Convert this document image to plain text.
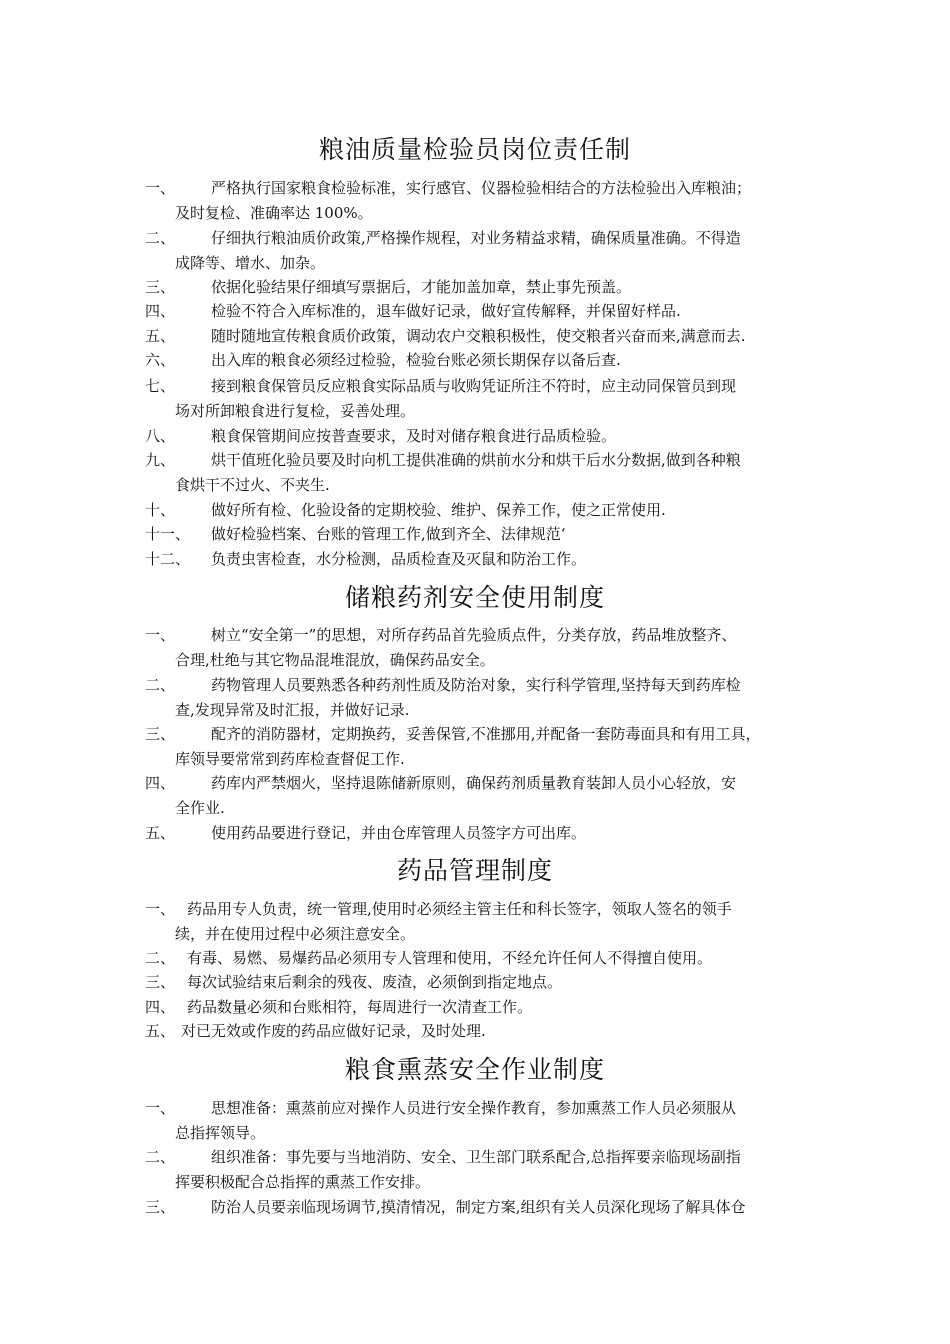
粮油质量检验员岗位责任制
一、 严格执行国家粮食检验标准，实行感官、仪器检验相结合的方法检验出入库粮油；
及时复检、准确率达 100%。
二、 仔细执行粮油质价政策,严格操作规程，对业务精益求精，确保质量准确。不得造
成降等、增水、加杂。
三、 依据化验结果仔细填写票据后，才能加盖加章，禁止事先预盖。
四、 检验不符合入库标准的，退车做好记录，做好宣传解释，并保留好样品.
五、 随时随地宣传粮食质价政策，调动农户交粮积极性，使交粮者兴奋而来,满意而去.
六、 出入库的粮食必须经过检验，检验台账必须长期保存以备后查.
七、 接到粮食保管员反应粮食实际品质与收购凭证所注不符时，应主动同保管员到现
场对所卸粮食进行复检，妥善处理。
八、 粮食保管期间应按普查要求，及时对储存粮食进行品质检验。
九、 烘干值班化验员要及时向机工提供准确的烘前水分和烘干后水分数据,做到各种粮
食烘干不过火、不夹生.
十、 做好所有检、化验设备的定期校验、维护、保养工作，使之正常使用.
十一、 做好检验档案、台账的管理工作,做到齐全、法律规范‘
十二、 负责虫害检查，水分检测，品质检查及灭鼠和防治工作。
储粮药剂安全使用制度
一、 树立“安全第一”的思想，对所存药品首先验质点件，分类存放，药品堆放整齐、
合理,杜绝与其它物品混堆混放，确保药品安全。
二、 药物管理人员要熟悉各种药剂性质及防治对象，实行科学管理,坚持每天到药库检
查,发现异常及时汇报，并做好记录.
三、 配齐的消防器材，定期换药，妥善保管,不准挪用,并配备一套防毒面具和有用工具，
库领导要常常到药库检查督促工作.
四、 药库内严禁烟火，坚持退陈储新原则，确保药剂质量教育装卸人员小心轻放，安
全作业.
五、 使用药品要进行登记，并由仓库管理人员签字方可出库。
药品管理制度
一、 药品用专人负责，统一管理,使用时必须经主管主任和科长签字，领取人签名的领手
续，并在使用过程中必须注意安全。
二、 有毒、易燃、易爆药品必须用专人管理和使用，不经允许任何人不得擅自使用。
三、 每次试验结束后剩余的残夜、废渣，必须倒到指定地点。
四、 药品数量必须和台账相符，每周进行一次清查工作。
五、 对已无效或作废的药品应做好记录，及时处理.
粮食熏蒸安全作业制度
一、 思想准备：熏蒸前应对操作人员进行安全操作教育，参加熏蒸工作人员必须服从
总指挥领导。
二、 组织准备：事先要与当地消防、安全、卫生部门联系配合,总指挥要亲临现场副指
挥要积极配合总指挥的熏蒸工作安排。
三、 防治人员要亲临现场调节,摸清情况，制定方案,组织有关人员深化现场了解具体仓
